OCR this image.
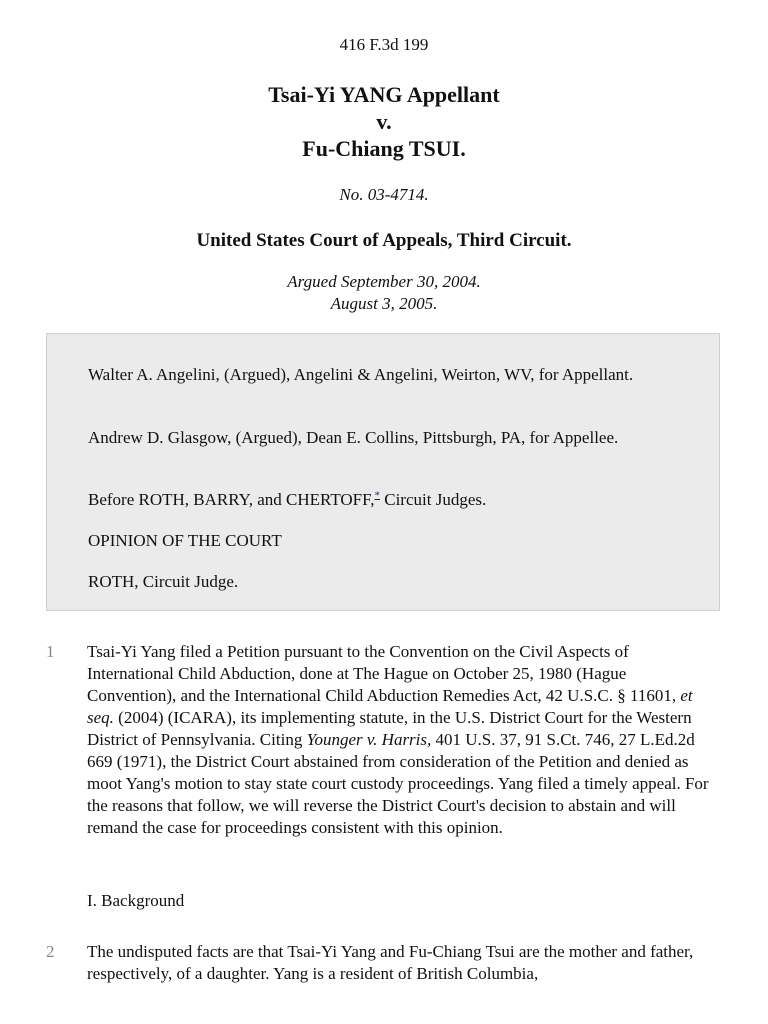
416 F.3d 199
Tsai-Yi YANG Appellant
v.
Fu-Chiang TSUI.
No. 03-4714.
United States Court of Appeals, Third Circuit.
Argued September 30, 2004.
August 3, 2005.

Walter A. Angelini, (Argued), Angelini & Angelini, Weirton, WV, for Appellant.

Andrew D. Glasgow, (Argued), Dean E. Collins, Pittsburgh, PA, for Appellee.

Before ROTH, BARRY, and CHERTOFF,* Circuit Judges.

OPINION OF THE COURT

ROTH, Circuit Judge.

1 Tsai-Yi Yang filed a Petition pursuant to the Convention on the Civil Aspects of International Child Abduction, done at The Hague on October 25, 1980 (Hague Convention), and the International Child Abduction Remedies Act, 42 U.S.C. § 11601, et seq. (2004) (ICARA), its implementing statute, in the U.S. District Court for the Western District of Pennsylvania. Citing Younger v. Harris, 401 U.S. 37, 91 S.Ct. 746, 27 L.Ed.2d 669 (1971), the District Court abstained from consideration of the Petition and denied as moot Yang's motion to stay state court custody proceedings. Yang filed a timely appeal. For the reasons that follow, we will reverse the District Court's decision to abstain and will remand the case for proceedings consistent with this opinion.

I. Background

2 The undisputed facts are that Tsai-Yi Yang and Fu-Chiang Tsui are the mother and father, respectively, of a daughter. Yang is a resident of British Columbia,
